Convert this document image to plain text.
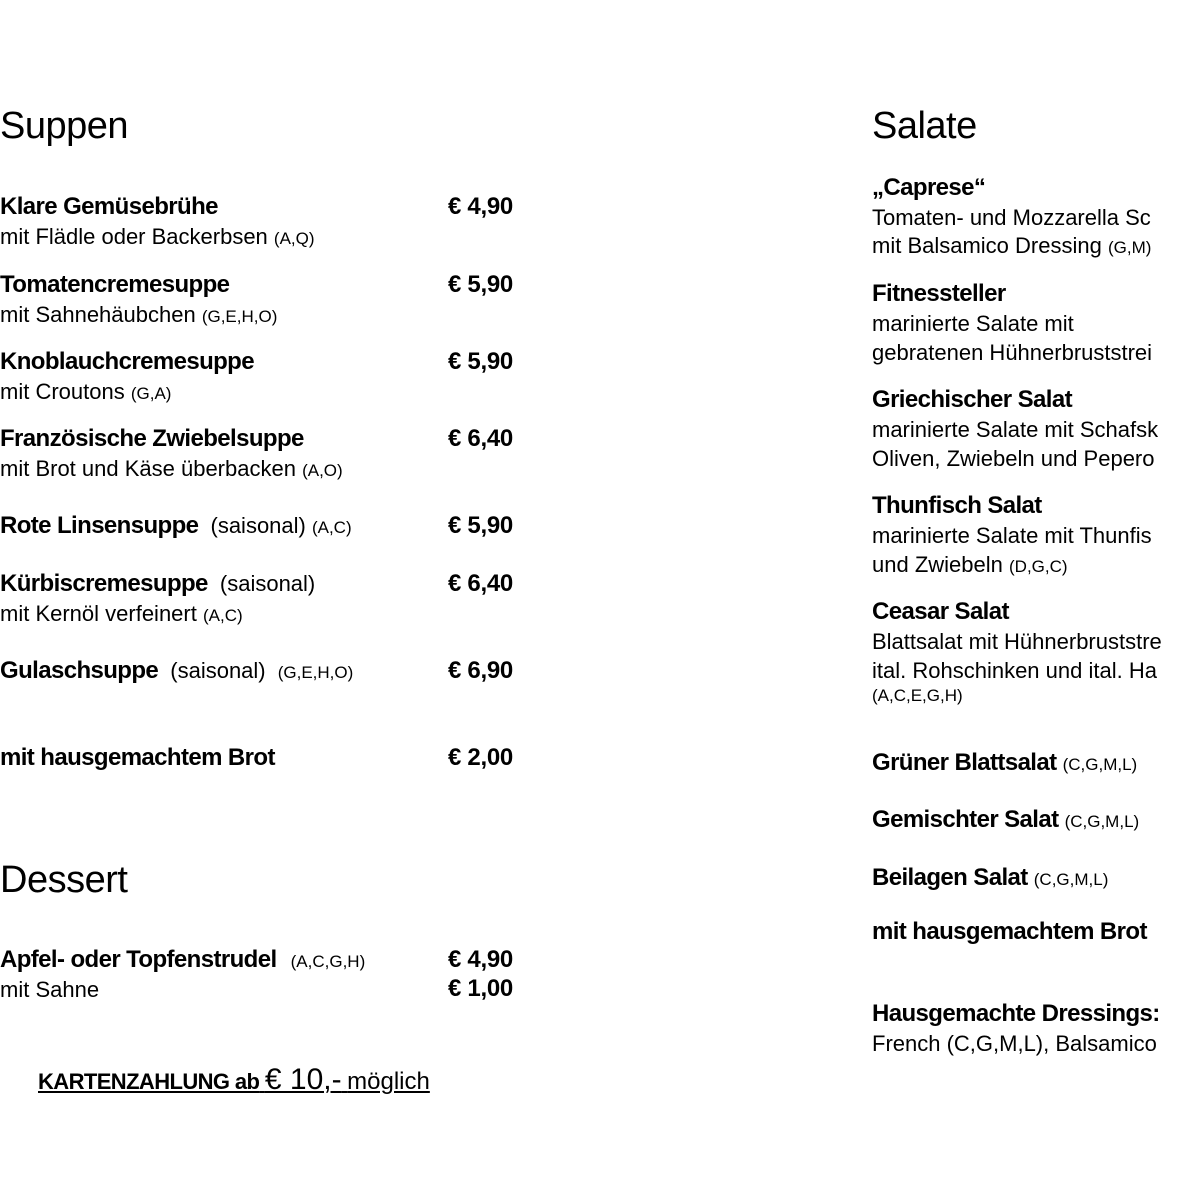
Suppen
Klare Gemüsebrühe	€ 4,90
mit Flädle oder Backerbsen (A,Q)
Tomatencremesuppe	€ 5,90
mit Sahnehäubchen (G,E,H,O)
Knoblauchcremesuppe	€ 5,90
mit Croutons (G,A)
Französische Zwiebelsuppe	€ 6,40
mit Brot und Käse überbacken (A,O)
Rote Linsensuppe (saisonal) (A,C)	€ 5,90
Kürbiscremesuppe (saisonal)	€ 6,40
mit Kernöl verfeinert (A,C)
Gulaschsuppe (saisonal) (G,E,H,O)	€ 6,90
mit hausgemachtem Brot	€ 2,00
Dessert
Apfel- oder Topfenstrudel (A,C,G,H)	€ 4,90
mit Sahne	€ 1,00
KARTENZAHLUNG ab € 10,- möglich
Salate
„Caprese“
Tomaten- und Mozzarella Sc
mit Balsamico Dressing (G,M)
Fitnessteller
marinierte Salate mit
gebratenen Hühnerbruststrei
Griechischer Salat
marinierte Salate mit Schafsk
Oliven, Zwiebeln und Pepero
Thunfisch Salat
marinierte Salate mit Thunfis
und Zwiebeln (D,G,C)
Ceasar Salat
Blattsalat mit Hühnerbruststre
ital. Rohschinken und ital. Ha
(A,C,E,G,H)
Grüner Blattsalat (C,G,M,L)
Gemischter Salat (C,G,M,L)
Beilagen Salat (C,G,M,L)
mit hausgemachtem Brot
Hausgemachte Dressings:
French (C,G,M,L), Balsamico
